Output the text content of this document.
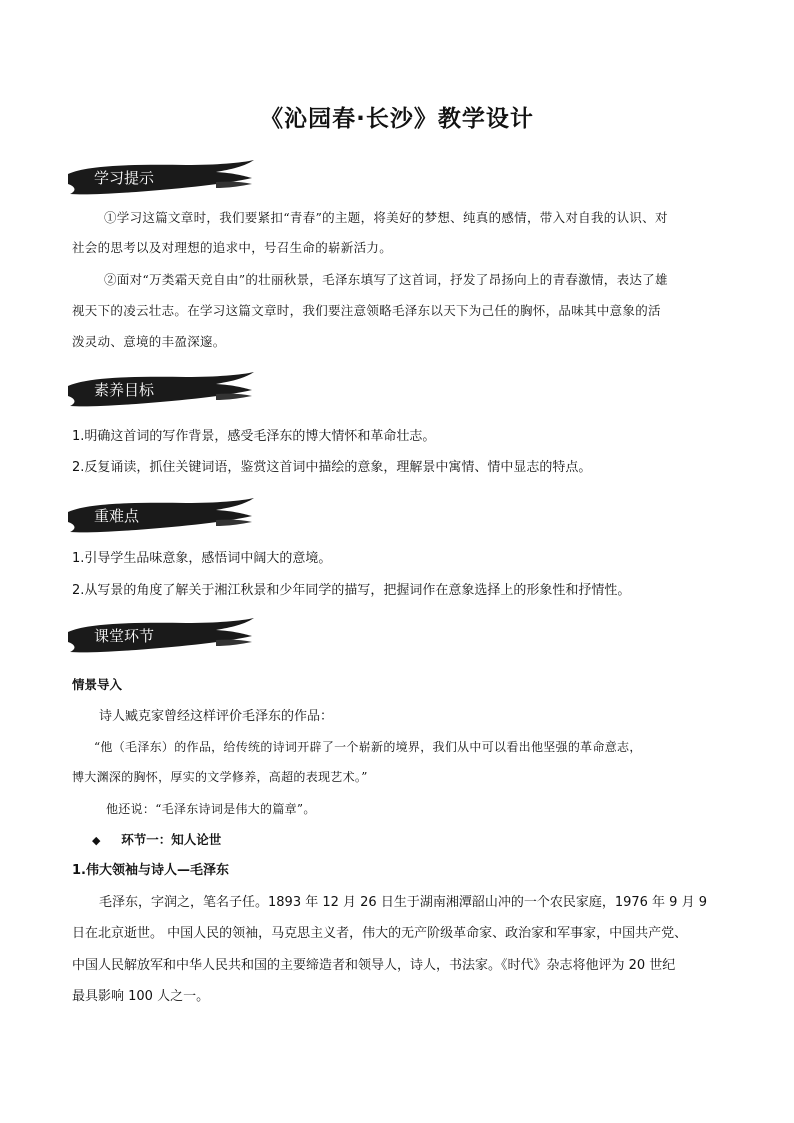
《沁园春·长沙》教学设计
学习提示
①学习这篇文章时，我们要紧扣“青春”的主题，将美好的梦想、纯真的感情，带入对自我的认识、对
社会的思考以及对理想的追求中，号召生命的崭新活力。
②面对“万类霜天竞自由”的壮丽秋景，毛泽东填写了这首词，抒发了昂扬向上的青春激情，表达了雄
视天下的凌云壮志。在学习这篇文章时，我们要注意领略毛泽东以天下为己任的胸怀，品味其中意象的活
泼灵动、意境的丰盈深邃。
素养目标
1.明确这首词的写作背景，感受毛泽东的博大情怀和革命壮志。
2.反复诵读，抓住关键词语，鉴赏这首词中描绘的意象，理解景中寓情、情中显志的特点。
重难点
1.引导学生品味意象，感悟词中阔大的意境。
2.从写景的角度了解关于湘江秋景和少年同学的描写，把握词作在意象选择上的形象性和抒情性。
课堂环节
情景导入
诗人臧克家曾经这样评价毛泽东的作品：
“他（毛泽东）的作品，给传统的诗词开辟了一个崭新的境界，我们从中可以看出他坚强的革命意志，
博大渊深的胸怀，厚实的文学修养，高超的表现艺术。”
他还说：“毛泽东诗词是伟大的篇章”。
◆ 环节一：知人论世
1.伟大领袖与诗人—毛泽东
毛泽东，字润之，笔名子任。1893 年 12 月 26 日生于湖南湘潭韶山冲的一个农民家庭，1976 年 9 月 9
日在北京逝世。 中国人民的领袖，马克思主义者，伟大的无产阶级革命家、政治家和军事家，中国共产党、
中国人民解放军和中华人民共和国的主要缔造者和领导人，诗人，书法家。《时代》杂志将他评为 20 世纪
最具影响 100 人之一。
